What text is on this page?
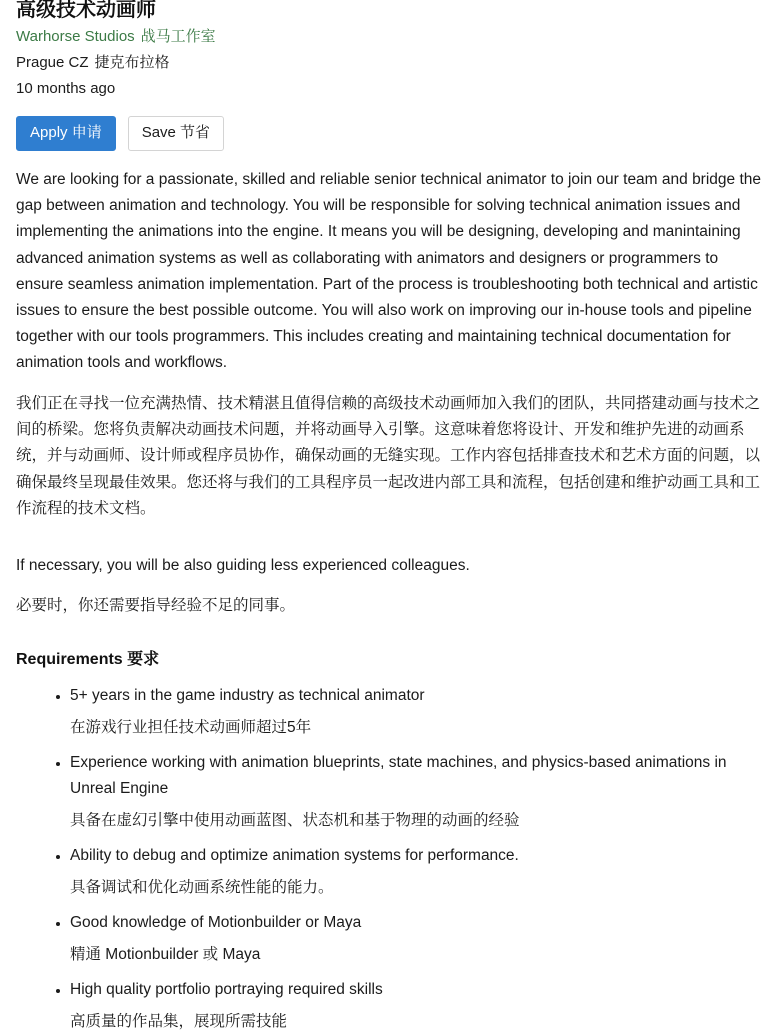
高级技术动画师
Warhorse Studios 战马工作室
Prague CZ 捷克布拉格
10 months ago
Apply 申请	Save 节省

We are looking for a passionate, skilled and reliable senior technical animator to join our team and bridge the gap between animation and technology. You will be responsible for solving technical animation issues and implementing the animations into the engine. It means you will be designing, developing and manintaining advanced animation systems as well as collaborating with animators and designers or programmers to ensure seamless animation implementation. Part of the process is troubleshooting both technical and artistic issues to ensure the best possible outcome. You will also work on improving our in-house tools and pipeline together with our tools programmers. This includes creating and maintaining technical documentation for animation tools and workflows.

我们正在寻找一位充满热情、技术精湛且值得信赖的高级技术动画师加入我们的团队，共同搭建动画与技术之间的桥梁。您将负责解决动画技术问题，并将动画导入引擎。这意味着您将设计、开发和维护先进的动画系统，并与动画师、设计师或程序员协作，确保动画的无缝实现。工作内容包括排查技术和艺术方面的问题，以确保最终呈现最佳效果。您还将与我们的工具程序员一起改进内部工具和流程，包括创建和维护动画工具和工作流程的技术文档。

If necessary, you will be also guiding less experienced colleagues.

必要时，你还需要指导经验不足的同事。

Requirements 要求
5+ years in the game industry as technical animator
在游戏行业担任技术动画师超过5年
Experience working with animation blueprints, state machines, and physics-based animations in Unreal Engine
具备在虚幻引擎中使用动画蓝图、状态机和基于物理的动画的经验
Ability to debug and optimize animation systems for performance.
具备调试和优化动画系统性能的能力。
Good knowledge of Motionbuilder or Maya
精通 Motionbuilder 或 Maya
High quality portfolio portraying required skills
高质量的作品集，展现所需技能
